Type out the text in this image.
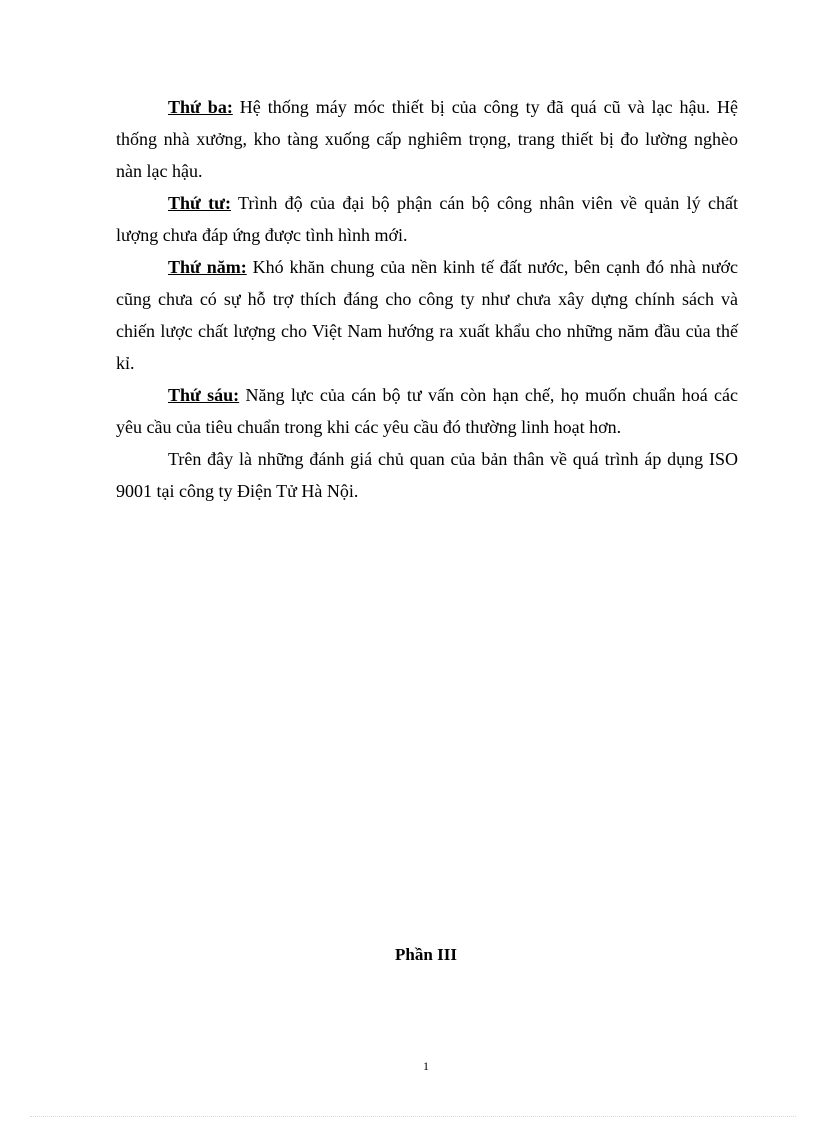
Thứ ba: Hệ thống máy móc thiết bị của công ty đã quá cũ và lạc hậu. Hệ thống nhà xưởng, kho tàng xuống cấp nghiêm trọng, trang thiết bị đo lường nghèo nàn lạc hậu.

Thứ tư: Trình độ của đại bộ phận cán bộ công nhân viên về quản lý chất lượng chưa đáp ứng được tình hình mới.

Thứ năm: Khó khăn chung của nền kinh tế đất nước, bên cạnh đó nhà nước cũng chưa có sự hỗ trợ thích đáng cho công ty như chưa xây dựng chính sách và chiến lược chất lượng cho Việt Nam hướng ra xuất khẩu cho những năm đầu của thế kỉ.

Thứ sáu: Năng lực của cán bộ tư vấn còn hạn chế, họ muốn chuẩn hoá các yêu cầu của tiêu chuẩn trong khi các yêu cầu đó thường linh hoạt hơn.

Trên đây là những đánh giá chủ quan của bản thân về quá trình áp dụng ISO 9001 tại công ty Điện Tử Hà Nội.

Phần III
1
